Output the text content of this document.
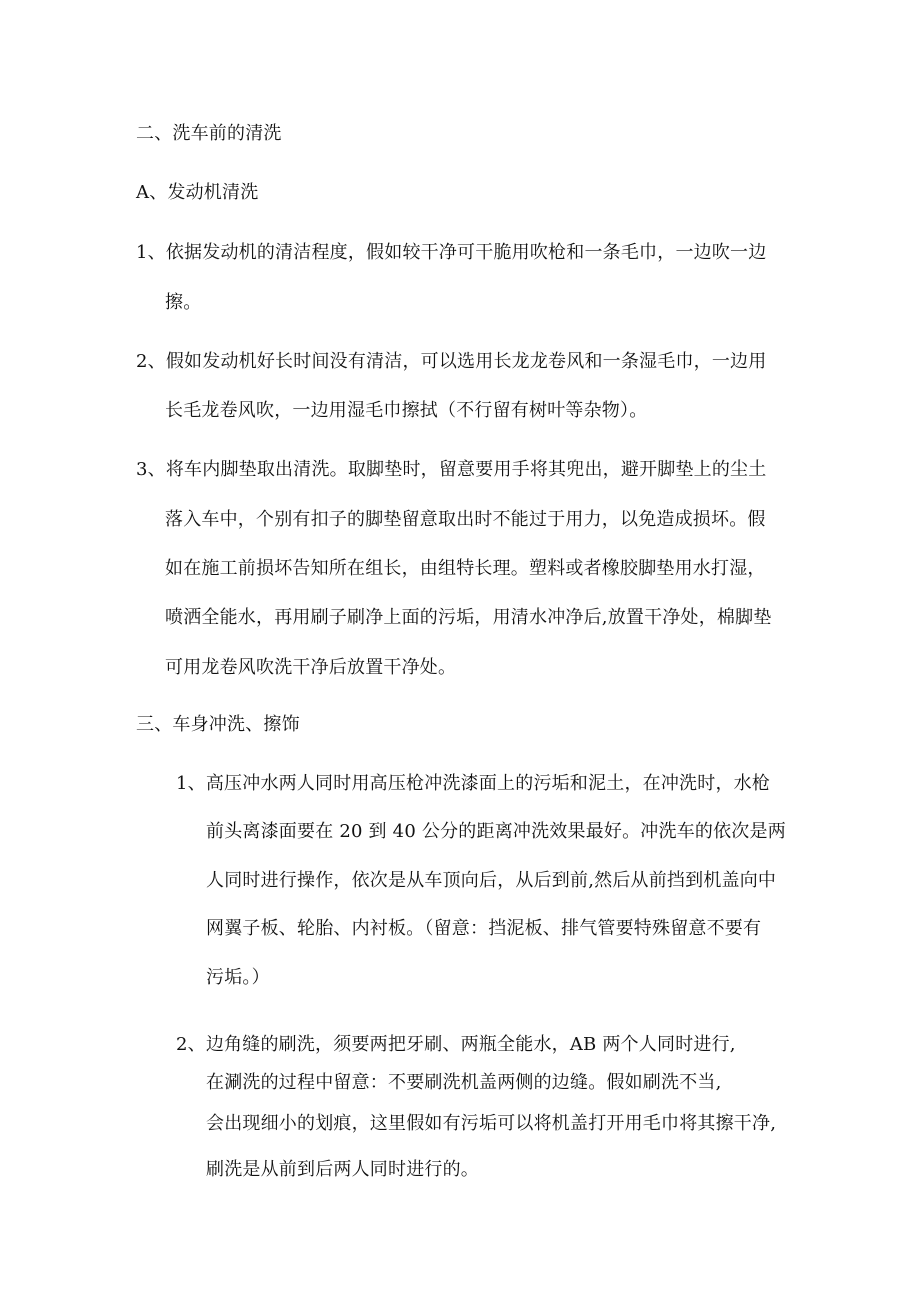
二、洗车前的清洗
A、发动机清洗
1、依据发动机的清洁程度，假如较干净可干脆用吹枪和一条毛巾，一边吹一边
擦。
2、假如发动机好长时间没有清洁，可以选用长龙龙卷风和一条湿毛巾，一边用
长毛龙卷风吹，一边用湿毛巾擦拭（不行留有树叶等杂物）。
3、将车内脚垫取出清洗。取脚垫时，留意要用手将其兜出，避开脚垫上的尘土
落入车中，个别有扣子的脚垫留意取出时不能过于用力，以免造成损坏。假
如在施工前损坏告知所在组长，由组特长理。塑料或者橡胶脚垫用水打湿，
喷洒全能水，再用刷子刷净上面的污垢，用清水冲净后,放置干净处，棉脚垫
可用龙卷风吹洗干净后放置干净处。
三、车身冲洗、擦饰
1、高压冲水两人同时用高压枪冲洗漆面上的污垢和泥土，在冲洗时，水枪
前头离漆面要在 20 到 40 公分的距离冲洗效果最好。冲洗车的依次是两
人同时进行操作，依次是从车顶向后，从后到前,然后从前挡到机盖向中
网翼子板、轮胎、内衬板。（留意：挡泥板、排气管要特殊留意不要有
污垢。）
2、边角缝的刷洗，须要两把牙刷、两瓶全能水，AB 两个人同时进行,
在涮洗的过程中留意：不要刷洗机盖两侧的边缝。假如刷洗不当,
会出现细小的划痕，这里假如有污垢可以将机盖打开用毛巾将其擦干净,
刷洗是从前到后两人同时进行的。
